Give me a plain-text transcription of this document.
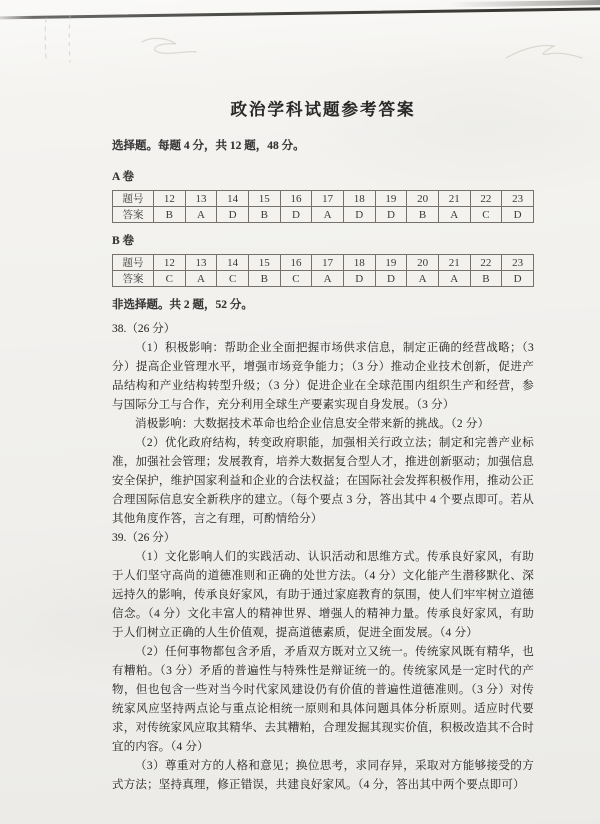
政治学科试题参考答案

选择题。每题 4 分，共 12 题，48 分。

A 卷

题号	12	13	14	15	16	17	18	19	20	21	22	23
答案	B	A	D	B	D	A	D	D	B	A	C	D

B 卷

题号	12	13	14	15	16	17	18	19	20	21	22	23
答案	C	A	C	B	C	A	D	D	A	A	B	D

非选择题。共 2 题，52 分。

38.（26 分）

（1）积极影响：帮助企业全面把握市场供求信息，制定正确的经营战略；（3 分）提高企业管理水平，增强市场竞争能力；（3 分）推动企业技术创新，促进产品结构和产业结构转型升级；（3 分）促进企业在全球范围内组织生产和经营，参与国际分工与合作，充分利用全球生产要素实现自身发展。（3 分）

消极影响：大数据技术革命也给企业信息安全带来新的挑战。（2 分）

（2）优化政府结构，转变政府职能，加强相关行政立法；制定和完善产业标准，加强社会管理；发展教育，培养大数据复合型人才，推进创新驱动；加强信息安全保护，维护国家利益和企业的合法权益；在国际社会发挥积极作用，推动公正合理国际信息安全新秩序的建立。（每个要点 3 分，答出其中 4 个要点即可。若从其他角度作答，言之有理，可酌情给分）

39.（26 分）

（1）文化影响人们的实践活动、认识活动和思维方式。传承良好家风，有助于人们坚守高尚的道德准则和正确的处世方法。（4 分）文化能产生潜移默化、深远持久的影响，传承良好家风，有助于通过家庭教育的氛围，使人们牢牢树立道德信念。（4 分）文化丰富人的精神世界、增强人的精神力量。传承良好家风，有助于人们树立正确的人生价值观，提高道德素质，促进全面发展。（4 分）

（2）任何事物都包含矛盾，矛盾双方既对立又统一。传统家风既有精华，也有糟粕。（3 分）矛盾的普遍性与特殊性是辩证统一的。传统家风是一定时代的产物，但也包含一些对当今时代家风建设仍有价值的普遍性道德准则。（3 分）对传统家风应坚持两点论与重点论相统一原则和具体问题具体分析原则。适应时代要求，对传统家风应取其精华、去其糟粕，合理发掘其现实价值，积极改造其不合时宜的内容。（4 分）

（3）尊重对方的人格和意见；换位思考，求同存异，采取对方能够接受的方式方法；坚持真理，修正错误，共建良好家风。（4 分，答出其中两个要点即可）
